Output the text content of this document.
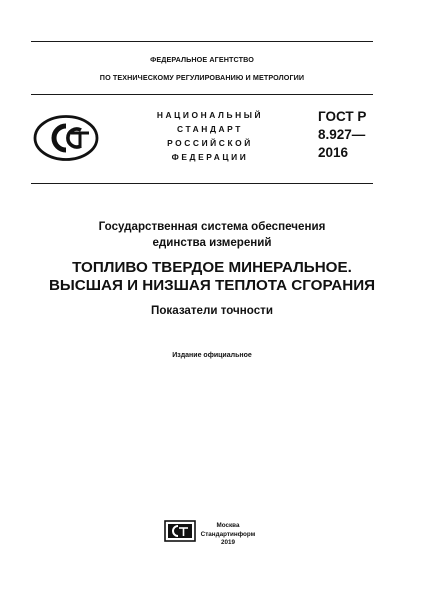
ФЕДЕРАЛЬНОЕ АГЕНТСТВО
ПО ТЕХНИЧЕСКОМУ РЕГУЛИРОВАНИЮ И МЕТРОЛОГИИ
НАЦИОНАЛЬНЫЙ
СТАНДАРТ
РОССИЙСКОЙ
ФЕДЕРАЦИИ
ГОСТ Р
8.927—
2016
Государственная система обеспечения
единства измерений
ТОПЛИВО ТВЕРДОЕ МИНЕРАЛЬНОЕ.
ВЫСШАЯ И НИЗШАЯ ТЕПЛОТА СГОРАНИЯ
Показатели точности
Издание официальное
Москва
Стандартинформ
2019
